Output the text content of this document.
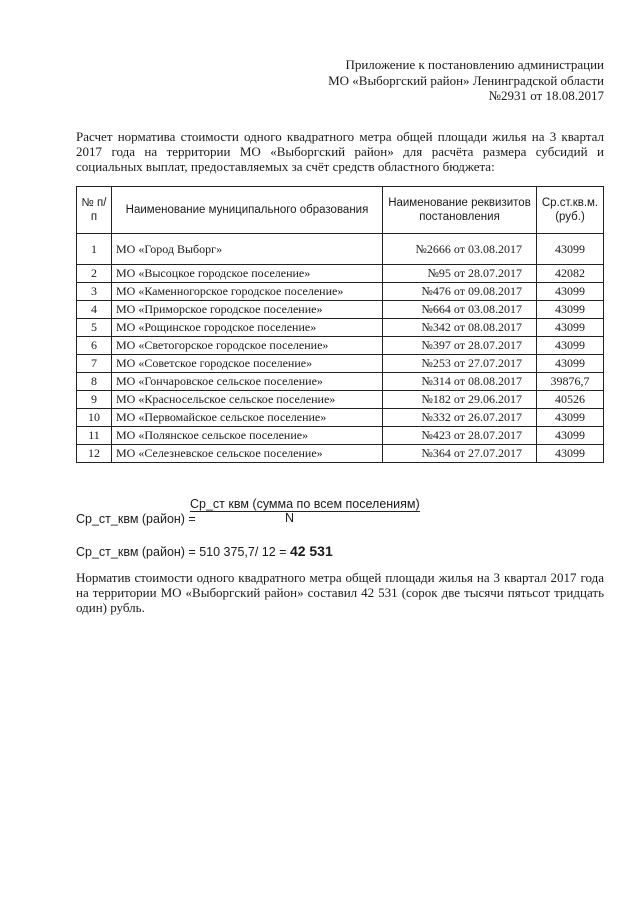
Приложение к постановлению администрации
МО «Выборгский район» Ленинградской области
№2931 от 18.08.2017
Расчет норматива стоимости одного квадратного метра общей площади жилья на 3 квартал 2017 года на территории МО «Выборгский район» для расчёта размера субсидий и социальных выплат, предоставляемых за счёт средств областного бюджета:
№ п/п	Наименование муниципального образования	Наименование реквизитов постановления	Ср.ст.кв.м. (руб.)
1	МО «Город Выборг»	№2666 от 03.08.2017	43099
2	МО «Высоцкое городское поселение»	№95 от 28.07.2017	42082
3	МО «Каменногорское городское поселение»	№476 от 09.08.2017	43099
4	МО «Приморское городское поселение»	№664 от 03.08.2017	43099
5	МО «Рощинское городское поселение»	№342 от 08.08.2017	43099
6	МО «Светогорское городское поселение»	№397 от 28.07.2017	43099
7	МО «Советское городское поселение»	№253 от 27.07.2017	43099
8	МО «Гончаровское сельское поселение»	№314 от 08.08.2017	39876,7
9	МО «Красносельское сельское поселение»	№182 от 29.06.2017	40526
10	МО «Первомайское сельское поселение»	№332 от 26.07.2017	43099
11	МО «Полянское сельское поселение»	№423 от 28.07.2017	43099
12	МО «Селезневское сельское поселение»	№364 от 27.07.2017	43099
Ср_ст квм (сумма по всем поселениям)
Ср_ст_квм (район) =	N
Ср_ст_квм (район) = 510 375,7/ 12 = 42 531
Норматив стоимости одного квадратного метра общей площади жилья на 3 квартал 2017 года на территории МО «Выборгский район» составил 42 531 (сорок две тысячи пятьсот тридцать один) рубль.
